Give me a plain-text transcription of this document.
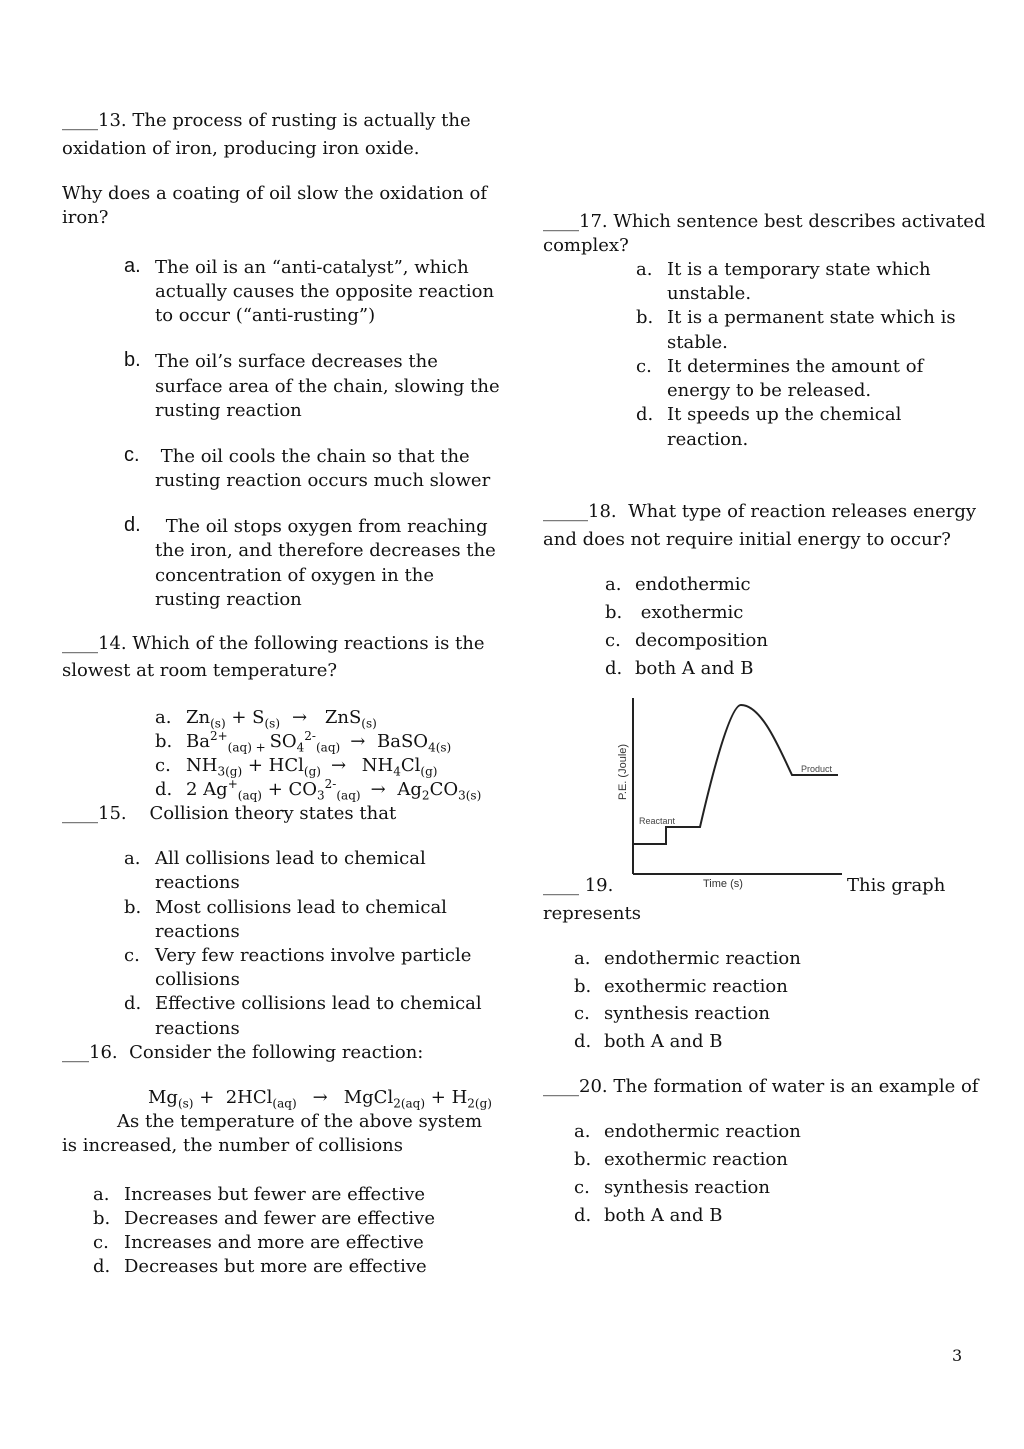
____13. The process of rusting is actually the

oxidation of iron, producing iron oxide.

Why does a coating of oil slow the oxidation of

iron?

a. The oil is an “anti-catalyst”, which

actually causes the opposite reaction

to occur (“anti-rusting”)

b. The oil’s surface decreases the

surface area of the chain, slowing the

rusting reaction

c. The oil cools the chain so that the

rusting reaction occurs much slower

d. The oil stops oxygen from reaching

the iron, and therefore decreases the

concentration of oxygen in the

rusting reaction

____14. Which of the following reactions is the

slowest at room temperature?

a. $Zn_{(s)} + S_{(s)} \to ZnS_{(s)}$
b. $Ba^{2+}_{(aq) +}$ $SO_4^{2-}_{(aq)}$ → BaSO$_{4(s)}$
c. $NH_{3(g)} + HCl_{(g)} \to NH_4Cl_{(g)}$
d. 2 $Ag^+_{(aq)} + CO_3^{2-}_{(aq)} \to Ag_2CO_{3(s)}$

____15.    Collision theory states that

a. All collisions lead to chemical

reactions

b. Most collisions lead to chemical

reactions

c. Very few reactions involve particle

collisions

d. Effective collisions lead to chemical

reactions

___16.  Consider the following reaction:

$Mg_{(s)} + 2HCl_{(aq)}$ → MgCl$_{2(aq)}$ + $H_{2(g)}$

As the temperature of the above system

is increased, the number of collisions

a. Increases but fewer are effective

b. Decreases and fewer are effective

c. Increases and more are effective

d. Decreases but more are effective

____17. Which sentence best describes activated

complex?

a. It is a temporary state which

unstable.

b. It is a permanent state which is

stable.

c. It determines the amount of

energy to be released.

d. It speeds up the chemical

reaction.

_____18.  What type of reaction releases energy

and does not require initial energy to occur?

a. endothermic

b. exothermic

c. decomposition

d. both A and B

Reactant
Product
Time (s)
P.E. (Joule)

____ 19.	This graph

represents

a. endothermic reaction

b. exothermic reaction

c. synthesis reaction

d. both A and B

____20. The formation of water is an example of

a. endothermic reaction

b. exothermic reaction

c. synthesis reaction

d. both A and B

3
